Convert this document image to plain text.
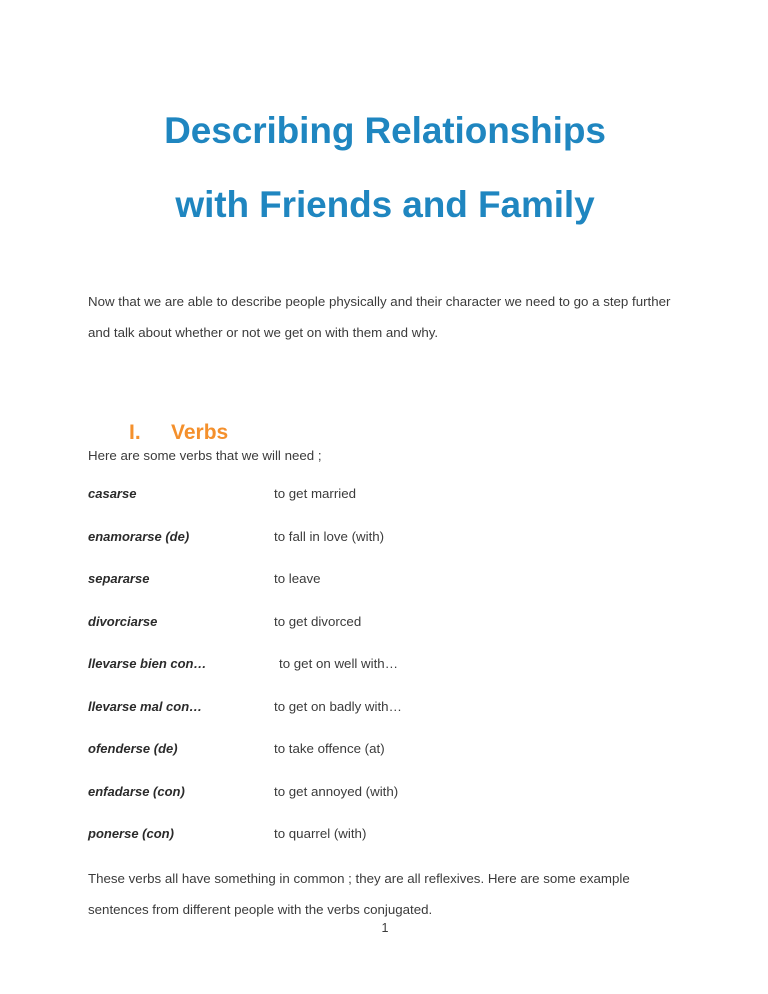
Describing Relationships
with Friends and Family

Now that we are able to describe people physically and their character we need to go a step further and talk about whether or not we get on with them and why.

I. Verbs

Here are some verbs that we will need ;

casarse	to get married
enamorarse (de)	to fall in love (with)
separarse	to leave
divorciarse	to get divorced
llevarse bien con…	to get on well with…
llevarse mal con…	to get on badly with…
ofenderse (de)	to take offence (at)
enfadarse (con)	to get annoyed (with)
ponerse (con)	to quarrel (with)

These verbs all have something in common ; they are all reflexives. Here are some example sentences from different people with the verbs conjugated.

1
